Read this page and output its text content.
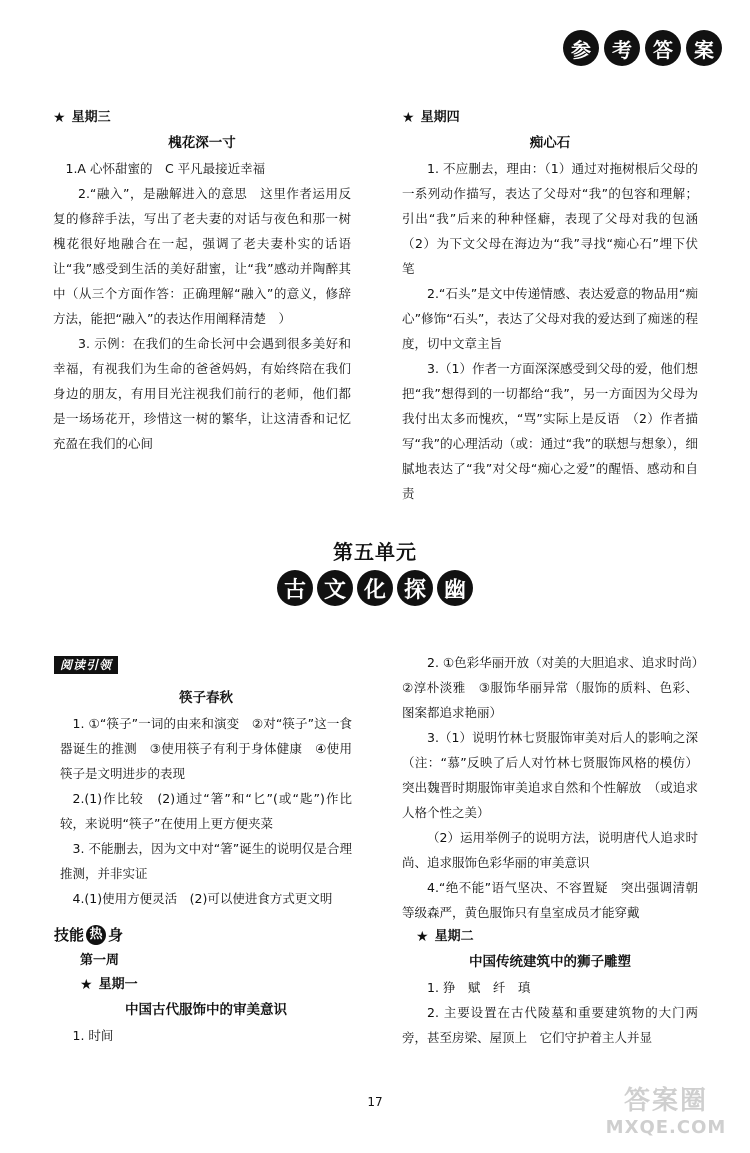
参	考	答	案
★ 星期三
槐花深一寸

1.A 心怀甜蜜的　C 平凡最接近幸福

2.“融入”，是融解进入的意思　这里作者运用反复的修辞手法，写出了老夫妻的对话与夜色和那一树槐花很好地融合在一起，强调了老夫妻朴实的话语让“我”感受到生活的美好甜蜜，让“我”感动并陶醉其中（从三个方面作答：正确理解“融入”的意义，修辞方法，能把“融入”的表达作用阐释清楚　）

3. 示例：在我们的生命长河中会遇到很多美好和幸福，有视我们为生命的爸爸妈妈，有始终陪在我们身边的朋友，有用目光注视我们前行的老师，他们都是一场场花开，珍惜这一树的繁华，让这清香和记忆充盈在我们的心间

★ 星期四
痴心石

1. 不应删去，理由：（1）通过对拖树根后父母的一系列动作描写，表达了父母对“我”的包容和理解；引出“我”后来的种种怪癖，表现了父母对我的包涵　（2）为下文父母在海边为“我”寻找“痴心石”埋下伏笔

2.“石头”是文中传递情感、表达爱意的物品用“痴心”修饰“石头”，表达了父母对我的爱达到了痴迷的程度，切中文章主旨

3.（1）作者一方面深深感受到父母的爱，他们想把“我”想得到的一切都给“我”，另一方面因为父母为我付出太多而愧疚，“骂”实际上是反语　（2）作者描写“我”的心理活动（或：通过“我”的联想与想象），细腻地表达了“我”对父母“痴心之爱”的醒悟、感动和自责

第五单元
古 文 化 探 幽
阅读引领
筷子春秋

1. ①“筷子”一词的由来和演变　②对“筷子”这一食器诞生的推测　③使用筷子有利于身体健康　④使用筷子是文明进步的表现

2.(1)作比较　(2)通过“箸”和“匕”(或“匙”)作比较，来说明“筷子”在使用上更方便夹菜

3. 不能删去，因为文中对“箸”诞生的说明仅是合理推测，并非实证

4.(1)使用方便灵活　(2)可以使进食方式更文明

技能 热 身
第一周
★ 星期一
中国古代服饰中的审美意识

1. 时间

2. ①色彩华丽开放（对美的大胆追求、追求时尚）　②淳朴淡雅　③服饰华丽异常（服饰的质料、色彩、图案都追求艳丽）

3.（1）说明竹林七贤服饰审美对后人的影响之深　（注：“慕”反映了后人对竹林七贤服饰风格的模仿）突出魏晋时期服饰审美追求自然和个性解放　（或追求人格个性之美）

（2）运用举例子的说明方法，说明唐代人追求时尚、追求服饰色彩华丽的审美意识

4.“绝不能”语气坚决、不容置疑　突出强调清朝等级森严，黄色服饰只有皇室成员才能穿戴

★ 星期二
中国传统建筑中的狮子雕塑

1. 狰　赋　纤　瑱

2. 主要设置在古代陵墓和重要建筑物的大门两旁，甚至房梁、屋顶上　它们守护着主人并显

17	答案圈
MXQE.COM
